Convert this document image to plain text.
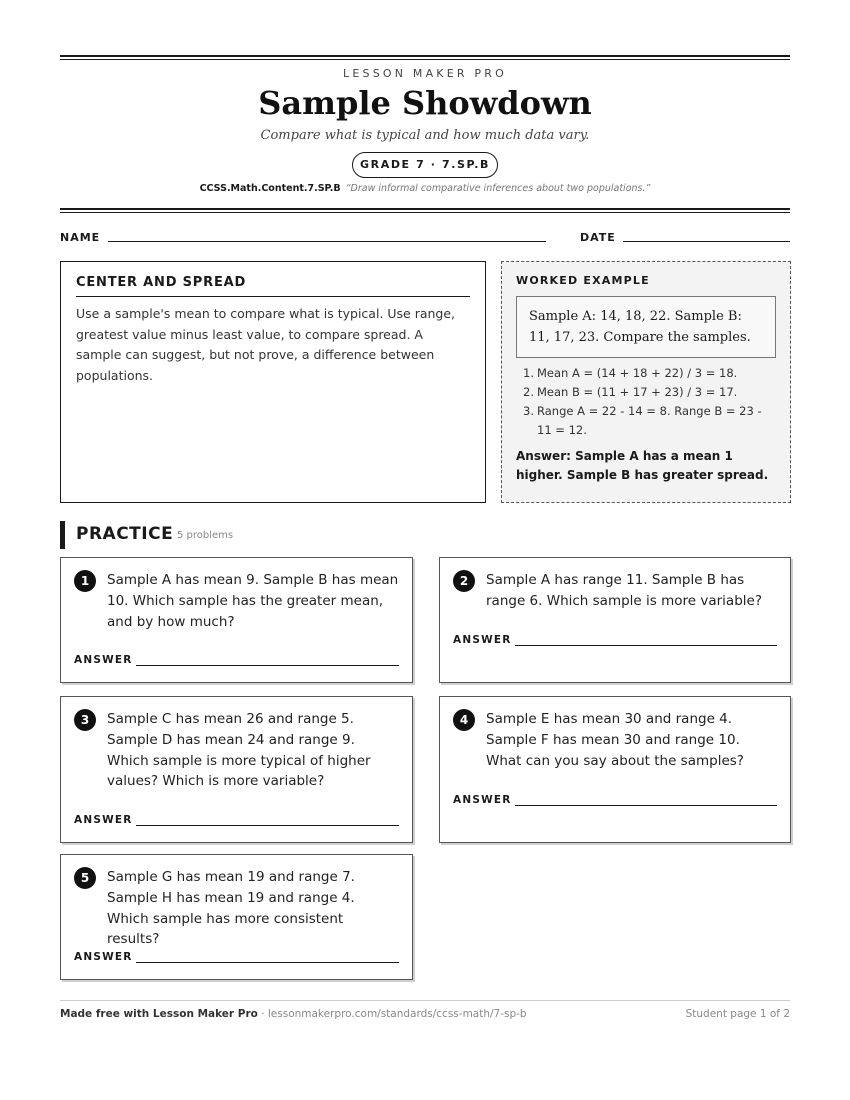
LESSON MAKER PRO
Sample Showdown
Compare what is typical and how much data vary.
GRADE 7 · 7.SP.B
CCSS.Math.Content.7.SP.B “Draw informal comparative inferences about two populations.”
NAME	DATE
CENTER AND SPREAD
Use a sample's mean to compare what is typical. Use range, greatest value minus least value, to compare spread. A sample can suggest, but not prove, a difference between populations.
WORKED EXAMPLE
Sample A: 14, 18, 22. Sample B: 11, 17, 23. Compare the samples.
1. Mean A = (14 + 18 + 22) / 3 = 18.
2. Mean B = (11 + 17 + 23) / 3 = 17.
3. Range A = 22 - 14 = 8. Range B = 23 -
11 = 12.
Answer: Sample A has a mean 1 higher. Sample B has greater spread.
PRACTICE 5 problems
1	Sample A has mean 9. Sample B has mean 10. Which sample has the greater mean, and by how much?
ANSWER
2	Sample A has range 11. Sample B has range 6. Which sample is more variable?
ANSWER
3	Sample C has mean 26 and range 5. Sample D has mean 24 and range 9. Which sample is more typical of higher values? Which is more variable?
ANSWER
4	Sample E has mean 30 and range 4. Sample F has mean 30 and range 10. What can you say about the samples?
ANSWER
5	Sample G has mean 19 and range 7. Sample H has mean 19 and range 4. Which sample has more consistent results?
ANSWER
Made free with Lesson Maker Pro · lessonmakerpro.com/standards/ccss-math/7-sp-b	Student page 1 of 2
